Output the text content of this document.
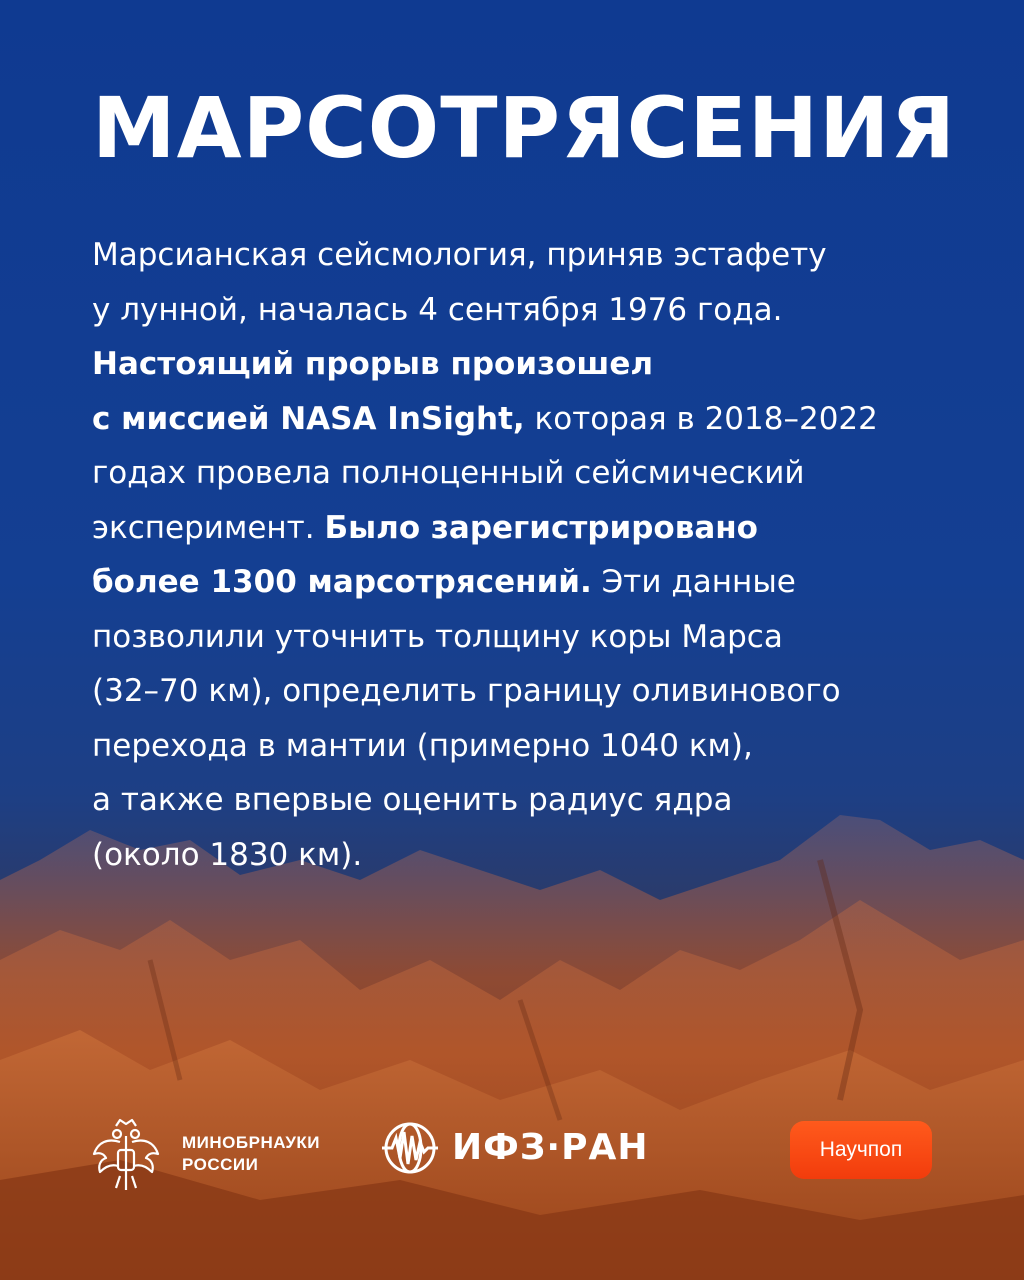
МАРСОТРЯСЕНИЯ
Марсианская сейсмология, приняв эстафету
у лунной, началась 4 сентября 1976 года.
Настоящий прорыв произошел
с миссией NASA InSight, которая в 2018–2022
годах провела полноценный сейсмический
эксперимент. Было зарегистрировано
более 1300 марсотрясений. Эти данные
позволили уточнить толщину коры Марса
(32–70 км), определить границу оливинового
перехода в мантии (примерно 1040 км),
а также впервые оценить радиус ядра
(около 1830 км).
МИНОБРНАУКИ
РОССИИ	ИФЗ·РАН	Научпоп
